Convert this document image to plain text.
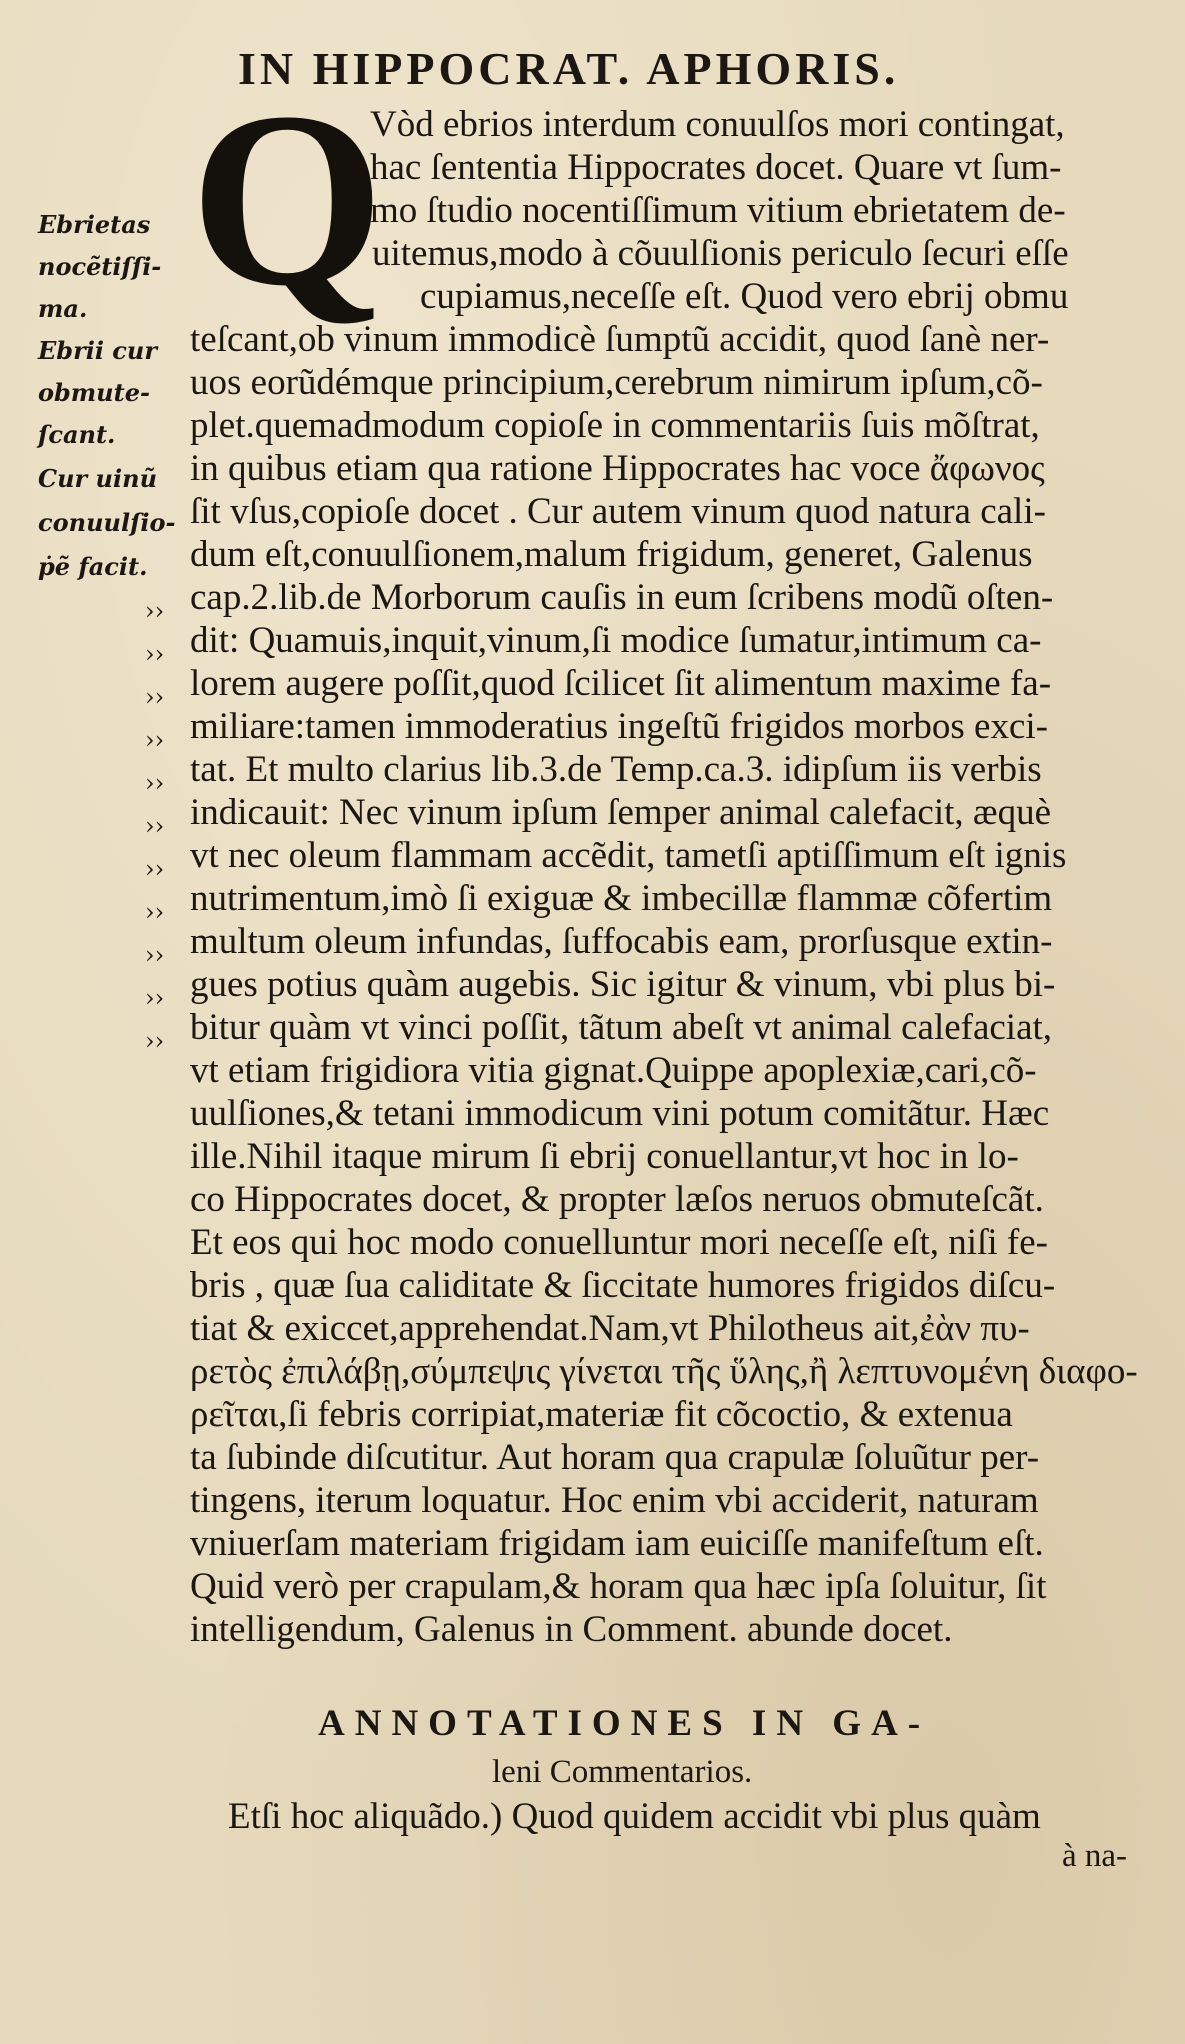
IN HIPPOCRAT. APHORIS.
Q

Vòd ebrios interdum conuulſos mori contingat,

hac ſententia Hippocrates docet. Quare vt ſum-

mo ſtudio nocentiſſimum vitium ebrietatem de-

uitemus,modo à cõuulſionis periculo ſecuri eſſe

cupiamus,neceſſe eſt. Quod vero ebrij obmu

teſcant,ob vinum immodicè ſumptũ accidit, quod ſanè ner-

uos eorũdémque principium,cerebrum nimirum ipſum,cõ-

plet.quemadmodum copioſe in commentariis ſuis mõſtrat,

in quibus etiam qua ratione Hippocrates hac voce ἄφωνος

ſit vſus,copioſe docet . Cur autem vinum quod natura cali-

dum eſt,conuulſionem,malum frigidum, generet, Galenus

cap.2.lib.de Morborum cauſis in eum ſcribens modũ oſten-

dit: Quamuis,inquit,vinum,ſi modice ſumatur,intimum ca-

lorem augere poſſit,quod ſcilicet ſit alimentum maxime fa-

miliare:tamen immoderatius ingeſtũ frigidos morbos exci-

tat. Et multo clarius lib.3.de Temp.ca.3. idipſum iis verbis

indicauit: Nec vinum ipſum ſemper animal calefacit, æquè

vt nec oleum flammam accẽdit, tametſi aptiſſimum eſt ignis

nutrimentum,imò ſi exiguæ & imbecillæ flammæ cõfertim

multum oleum infundas, ſuffocabis eam, prorſusque extin-

gues potius quàm augebis. Sic igitur & vinum, vbi plus bi-

bitur quàm vt vinci poſſit, tãtum abeſt vt animal calefaciat,

vt etiam frigidiora vitia gignat.Quippe apoplexiæ,cari,cõ-

uulſiones,& tetani immodicum vini potum comitãtur. Hæc

ille.Nihil itaque mirum ſi ebrij conuellantur,vt hoc in lo-

co Hippocrates docet, & propter læſos neruos obmuteſcãt.

Et eos qui hoc modo conuelluntur mori neceſſe eſt, niſi fe-

bris , quæ ſua caliditate & ſiccitate humores frigidos diſcu-

tiat & exiccet,apprehendat.Nam,vt Philotheus ait,ἐὰν πυ-

ρετὸς ἐπιλάβῃ,σύμπεψις γίνεται τῆς ὕλης,ἢ λεπτυνομένη διαφο-

ρεῖται,ſi febris corripiat,materiæ fit cõcoctio, & extenua

ta ſubinde diſcutitur. Aut horam qua crapulæ ſoluũtur per-

tingens, iterum loquatur. Hoc enim vbi acciderit, naturam

vniuerſam materiam frigidam iam euiciſſe manifeſtum eſt.

Quid verò per crapulam,& horam qua hæc ipſa ſoluitur, ſit

intelligendum, Galenus in Comment. abunde docet.

Ebrietas

nocẽtiſſi-

ma.

Ebrii cur

obmute-

ſcant.

Cur uinũ

conuulſio-

ṗẽ facit.

››

››

››

››

››

››

››

››

››

››

››

ANNOTATIONES IN GA-

leni Commentarios.

Etſi hoc aliquãdo.) Quod quidem accidit vbi plus quàm

à na-
